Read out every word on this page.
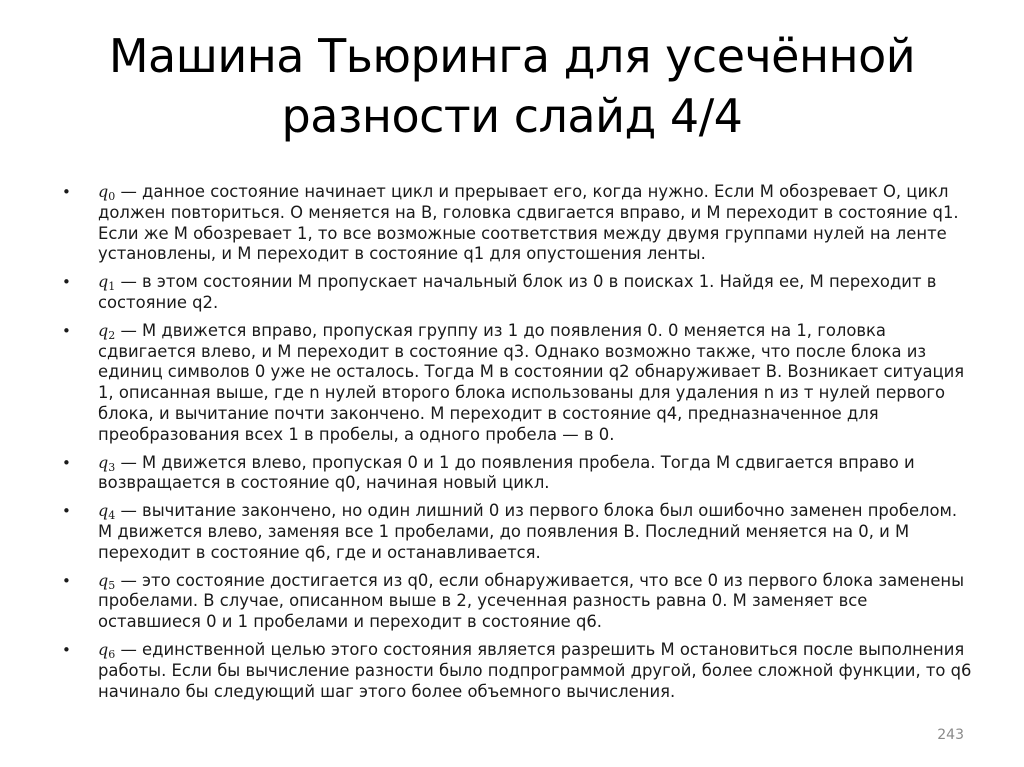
Машина Тьюринга для усечённой
разности слайд 4/4
• $q_0$ — данное состояние начинает цикл и прерывает его, когда нужно. Если М обозревает О, цикл должен повториться. О меняется на В, головка сдвигается вправо, и М переходит в состояние q1. Если же М обозревает 1, то все возможные соответствия между двумя группами нулей на ленте установлены, и М переходит в состояние q1 для опустошения ленты.
• $q_1$ — в этом состоянии М пропускает начальный блок из 0 в поисках 1. Найдя ее, М переходит в состояние q2.
• $q_2$ — М движется вправо, пропуская группу из 1 до появления 0. 0 меняется на 1, головка сдвигается влево, и М переходит в состояние q3. Однако возможно также, что после блока из единиц символов 0 уже не осталось. Тогда М в состоянии q2 обнаруживает В. Возникает ситуация 1, описанная выше, где n нулей второго блока использованы для удаления n из т нулей первого блока, и вычитание почти закончено. М переходит в состояние q4, предназначенное для преобразования всех 1 в пробелы, а одного пробела — в 0.
• $q_3$ — М движется влево, пропуская 0 и 1 до появления пробела. Тогда М сдвигается вправо и возвращается в состояние q0, начиная новый цикл.
• $q_4$ — вычитание закончено, но один лишний 0 из первого блока был ошибочно заменен пробелом. М движется влево, заменяя все 1 пробелами, до появления В. Последний меняется на 0, и М переходит в состояние q6, где и останавливается.
• $q_5$ — это состояние достигается из q0, если обнаруживается, что все 0 из первого блока заменены пробелами. В случае, описанном выше в 2, усеченная разность равна 0. М заменяет все оставшиеся 0 и 1 пробелами и переходит в состояние q6.
• $q_6$ — единственной целью этого состояния является разрешить М остановиться после выполнения работы. Если бы вычисление разности было подпрограммой другой, более сложной функции, то q6 начинало бы следующий шаг этого более объемного вычисления.
243
